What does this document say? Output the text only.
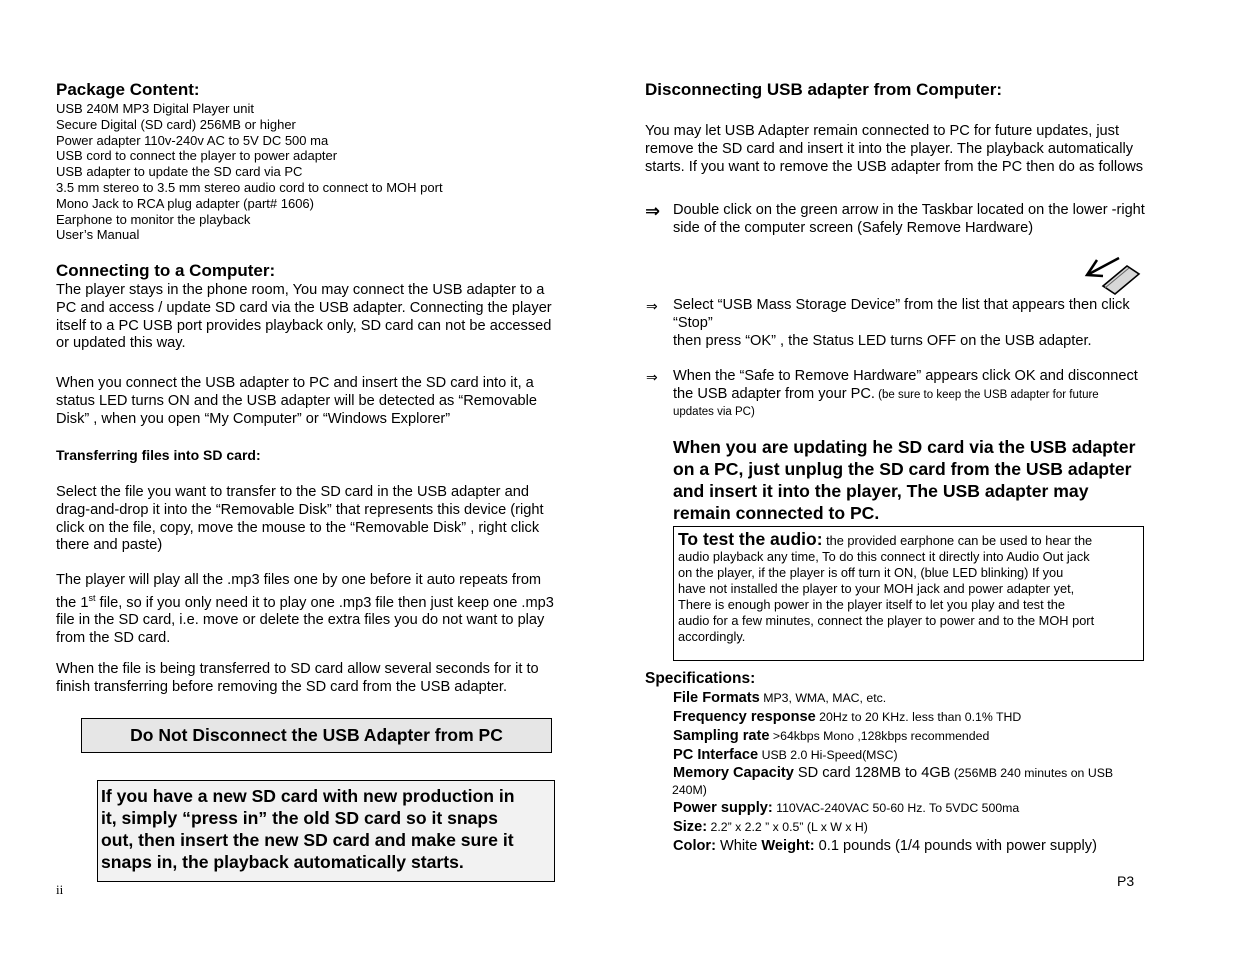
Package Content:
USB 240M MP3 Digital Player unit
Secure Digital (SD card) 256MB or higher
Power adapter 110v-240v AC to 5V DC 500 ma
USB cord to connect the player to power adapter
USB adapter to update the SD card via PC
3.5 mm stereo to 3.5 mm stereo audio cord to connect to MOH port
Mono Jack to RCA plug adapter (part# 1606)
Earphone to monitor the playback
User’s Manual
Connecting to a Computer:
The player stays in the phone room, You may connect the USB adapter to a
PC and access / update SD card via the USB adapter. Connecting the player
itself to a PC USB port provides playback only, SD card can not be accessed
or updated this way.
When you connect the USB adapter to PC and insert the SD card into it, a
status LED turns ON and the USB adapter will be detected as “Removable
Disk” , when you open “My Computer” or “Windows Explorer”
Transferring files into SD card:
Select the file you want to transfer to the SD card in the USB adapter and
drag-and-drop it into the “Removable Disk” that represents this device (right
click on the file, copy, move the mouse to the “Removable Disk” , right click
there and paste)
The player will play all the .mp3 files one by one before it auto repeats from
the 1st file, so if you only need it to play one .mp3 file then just keep one .mp3
file in the SD card, i.e. move or delete the extra files you do not want to play
from the SD card.
When the file is being transferred to SD card allow several seconds for it to
finish transferring before removing the SD card from the USB adapter.
Do Not Disconnect the USB Adapter from PC
If you have a new SD card with new production in
it, simply “press in” the old SD card so it snaps
out, then insert the new SD card and make sure it
snaps in, the playback automatically starts.
ii
Disconnecting USB adapter from Computer:
You may let USB Adapter remain connected to PC for future updates, just
remove the SD card and insert it into the player. The playback automatically
starts. If you want to remove the USB adapter from the PC then do as follows
⇒ Double click on the green arrow in the Taskbar located on the lower -right
side of the computer screen (Safely Remove Hardware)
⇒ Select “USB Mass Storage Device” from the list that appears then click
“Stop”
then press “OK” , the Status LED turns OFF on the USB adapter.
⇒ When the “Safe to Remove Hardware” appears click OK and disconnect
the USB adapter from your PC. (be sure to keep the USB adapter for future
updates via PC)
When you are updating he SD card via the USB adapter
on a PC, just unplug the SD card from the USB adapter
and insert it into the player, The USB adapter may
remain connected to PC.
To test the audio: the provided earphone can be used to hear the
audio playback any time, To do this connect it directly into Audio Out jack
on the player, if the player is off turn it ON, (blue LED blinking) If you
have not installed the player to your MOH jack and power adapter yet,
There is enough power in the player itself to let you play and test the
audio for a few minutes, connect the player to power and to the MOH port
accordingly.
Specifications:
File Formats MP3, WMA, MAC, etc.
Frequency response 20Hz to 20 KHz. less than 0.1% THD
Sampling rate >64kbps Mono ,128kbps recommended
PC Interface USB 2.0 Hi-Speed(MSC)
Memory Capacity SD card 128MB to 4GB (256MB 240 minutes on USB
240M)
Power supply: 110VAC-240VAC 50-60 Hz. To 5VDC 500ma
Size: 2.2” x 2.2 ” x 0.5” (L x W x H)
Color: White Weight: 0.1 pounds (1/4 pounds with power supply)
P3
